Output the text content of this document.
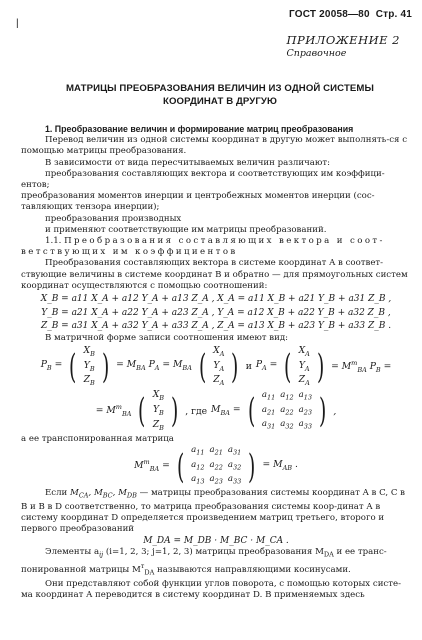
ГОСТ 20058—80 Стр. 41
|
ПРИЛОЖЕНИЕ 2
Справочное
МАТРИЦЫ ПРЕОБРАЗОВАНИЯ ВЕЛИЧИН ИЗ ОДНОЙ СИСТЕМЫ
КООРДИНАТ В ДРУГУЮ

1. Преобразование величин и формирование матриц преобразования

Перевод величин из одной системы координат в другую может выполнять-ся с помощью матрицы преобразования.

В зависимости от вида пересчитываемых величин различают:

преобразования составляющих вектора и соответствующих им коэффици-ентов;

преобразования моментов инерции и центробежных моментов инерции (сос-тавляющих тензора инерции);

преобразования производных

и применяют соответствующие им матрицы преобразований.

1.1. Преобразования составляющих вектора и соот-

ветствующих им коэффициентов

Преобразования составляющих вектора в системе координат A в соответ-ствующие величины в системе координат B и обратно — для прямоугольных систем координат осуществляются с помощью соотношений:

X_B = a11 X_A + a12 Y_A + a13 Z_A , X_A = a11 X_B + a21 Y_B + a31 Z_B ,
Y_B = a21 X_A + a22 Y_A + a23 Z_A , Y_A = a12 X_B + a22 Y_B + a32 Z_B ,
Z_B = a31 X_A + a32 Y_A + a33 Z_A , Z_A = a13 X_B + a23 Y_B + a33 Z_B .

В матричной форме записи соотношения имеют вид:

$P_B$ = ( $X_B$
$Y_B$
$Z_B$ ) = $M_{BA}$ $P_A = M_{BA}$ ( $X_A$
$Y_A$
$Z_A$ ) и $P_A$ = ( $X_A$
$Y_A$
$Z_A$ ) = $M^т_{BA}$ $P_B$ =
= $M^т_{BA}$ ( $X_B$
$Y_B$
$Z_B$ ) , где $M_{BA}$ = ( $a_{11}$ $a_{12}$ $a_{13}$
$a_{21}$ $a_{22}$ $a_{23}$
$a_{31}$ $a_{32}$ $a_{33}$ ) ,

а ее транспонированная матрица

$M^т_{BA}$ = ( $a_{11}$ $a_{21}$ $a_{31}$
$a_{12}$ $a_{22}$ $a_{32}$
$a_{13}$ $a_{23}$ $a_{33}$ ) = $M_{AB}$ .

Если $M_{CA}$, $M_{BC}$, $M_{DB}$ — матрицы преобразования системы координат A в C, C в B и B в D соответственно, то матрица преобразования системы коор-динат A в систему координат D определяется произведением матриц третьего, второго и первого преобразований

M_DA = M_DB · M_BC · M_CA .

Элементы $a_{ij}$ (i=1, 2, 3; j=1, 2, 3) матрицы преобразования $M_{DA}$ и ее транс-понированной матрицы $M^т_{DA}$ называются направляющими косинусами.

Они представляют собой функции углов поворота, с помощью которых систе-ма координат A переводится в систему координат D. В применяемых здесь
